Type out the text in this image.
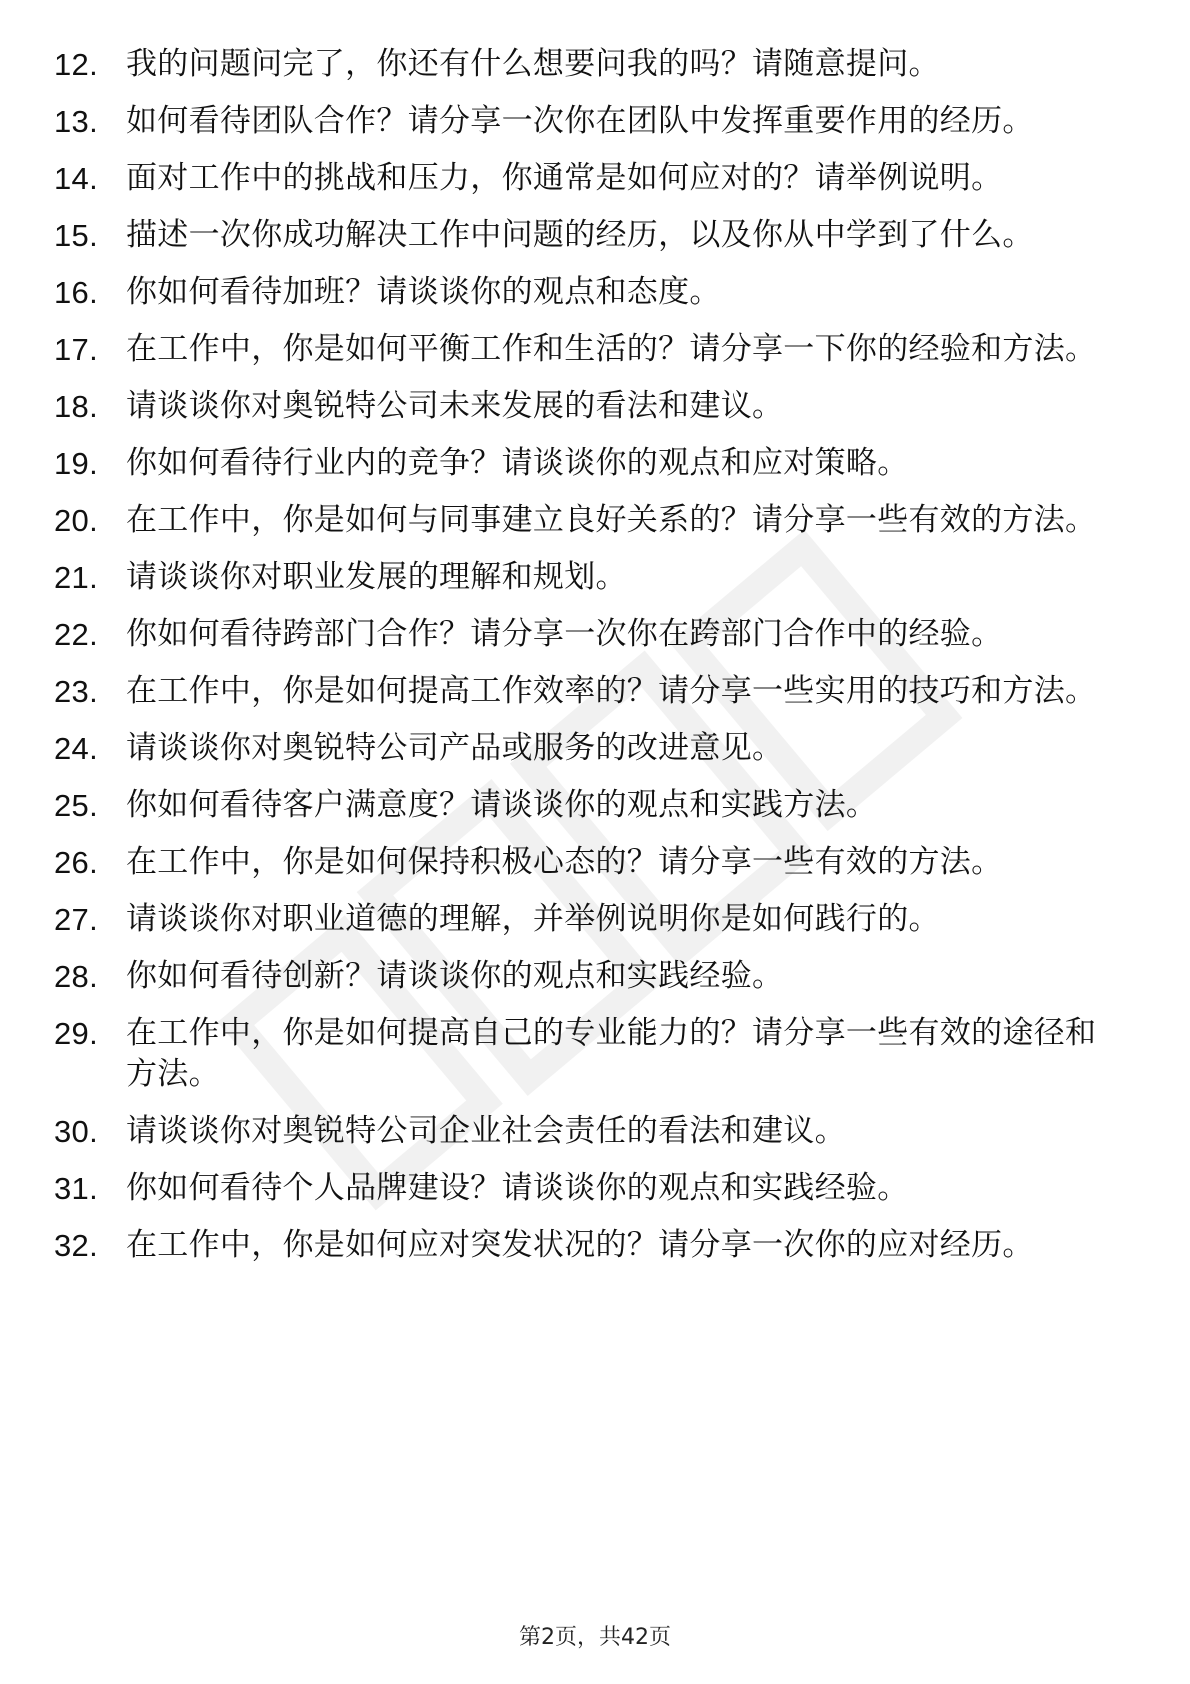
12. 我的问题问完了，你还有什么想要问我的吗？请随意提问。
13. 如何看待团队合作？请分享一次你在团队中发挥重要作用的经历。
14. 面对工作中的挑战和压力，你通常是如何应对的？请举例说明。
15. 描述一次你成功解决工作中问题的经历，以及你从中学到了什么。
16. 你如何看待加班？请谈谈你的观点和态度。
17. 在工作中，你是如何平衡工作和生活的？请分享一下你的经验和方法。
18. 请谈谈你对奥锐特公司未来发展的看法和建议。
19. 你如何看待行业内的竞争？请谈谈你的观点和应对策略。
20. 在工作中，你是如何与同事建立良好关系的？请分享一些有效的方法。
21. 请谈谈你对职业发展的理解和规划。
22. 你如何看待跨部门合作？请分享一次你在跨部门合作中的经验。
23. 在工作中，你是如何提高工作效率的？请分享一些实用的技巧和方法。
24. 请谈谈你对奥锐特公司产品或服务的改进意见。
25. 你如何看待客户满意度？请谈谈你的观点和实践方法。
26. 在工作中，你是如何保持积极心态的？请分享一些有效的方法。
27. 请谈谈你对职业道德的理解，并举例说明你是如何践行的。
28. 你如何看待创新？请谈谈你的观点和实践经验。
29. 在工作中，你是如何提高自己的专业能力的？请分享一些有效的途径和方法。
30. 请谈谈你对奥锐特公司企业社会责任的看法和建议。
31. 你如何看待个人品牌建设？请谈谈你的观点和实践经验。
32. 在工作中，你是如何应对突发状况的？请分享一次你的应对经历。
第2页，共42页
